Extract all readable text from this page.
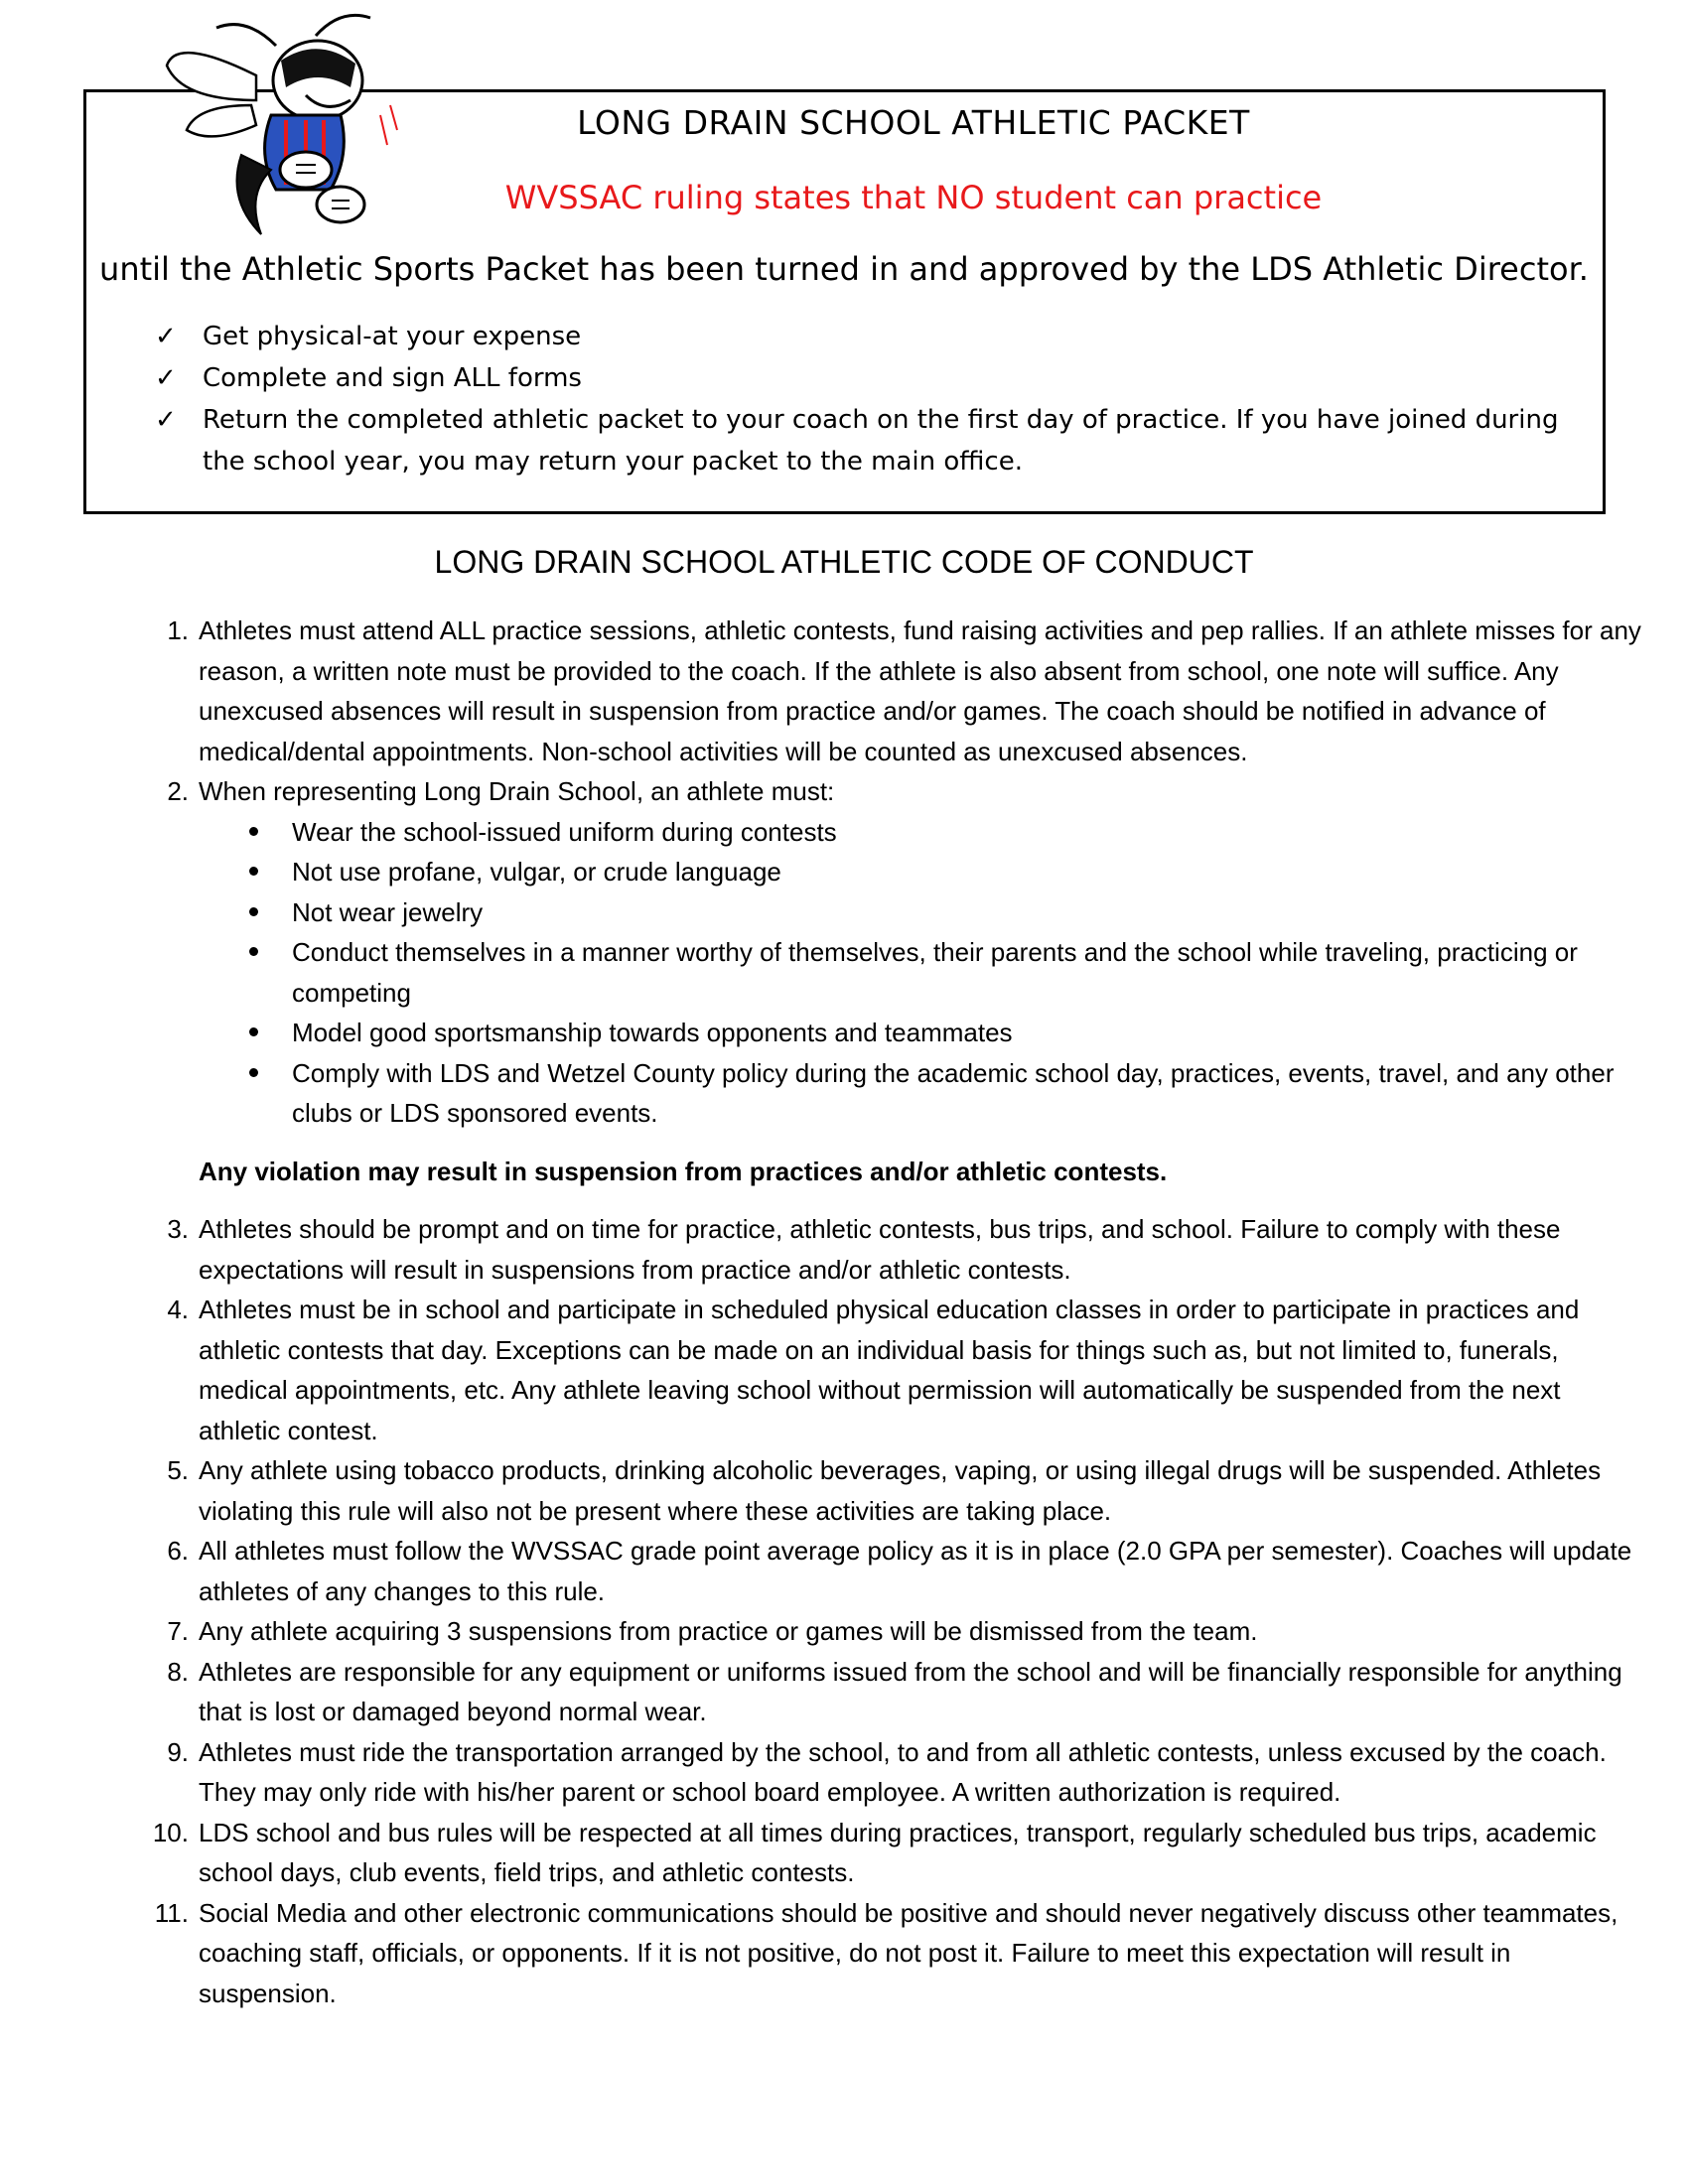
LONG DRAIN SCHOOL ATHLETIC PACKET
WVSSAC ruling states that NO student can practice
until the Athletic Sports Packet has been turned in and approved by the LDS Athletic Director.
✓ Get physical-at your expense
✓ Complete and sign ALL forms
✓ Return the completed athletic packet to your coach on the first day of practice. If you have joined during the school year, you may return your packet to the main office.
LONG DRAIN SCHOOL ATHLETIC CODE OF CONDUCT
1. Athletes must attend ALL practice sessions, athletic contests, fund raising activities and pep rallies. If an athlete misses for any reason, a written note must be provided to the coach. If the athlete is also absent from school, one note will suffice. Any unexcused absences will result in suspension from practice and/or games. The coach should be notified in advance of medical/dental appointments. Non-school activities will be counted as unexcused absences.
2. When representing Long Drain School, an athlete must:
Wear the school-issued uniform during contests
Not use profane, vulgar, or crude language
Not wear jewelry
Conduct themselves in a manner worthy of themselves, their parents and the school while traveling, practicing or competing
Model good sportsmanship towards opponents and teammates
Comply with LDS and Wetzel County policy during the academic school day, practices, events, travel, and any other clubs or LDS sponsored events.
Any violation may result in suspension from practices and/or athletic contests.
3. Athletes should be prompt and on time for practice, athletic contests, bus trips, and school. Failure to comply with these expectations will result in suspensions from practice and/or athletic contests.
4. Athletes must be in school and participate in scheduled physical education classes in order to participate in practices and athletic contests that day. Exceptions can be made on an individual basis for things such as, but not limited to, funerals, medical appointments, etc. Any athlete leaving school without permission will automatically be suspended from the next athletic contest.
5. Any athlete using tobacco products, drinking alcoholic beverages, vaping, or using illegal drugs will be suspended. Athletes violating this rule will also not be present where these activities are taking place.
6. All athletes must follow the WVSSAC grade point average policy as it is in place (2.0 GPA per semester). Coaches will update athletes of any changes to this rule.
7. Any athlete acquiring 3 suspensions from practice or games will be dismissed from the team.
8. Athletes are responsible for any equipment or uniforms issued from the school and will be financially responsible for anything that is lost or damaged beyond normal wear.
9. Athletes must ride the transportation arranged by the school, to and from all athletic contests, unless excused by the coach. They may only ride with his/her parent or school board employee. A written authorization is required.
10. LDS school and bus rules will be respected at all times during practices, transport, regularly scheduled bus trips, academic school days, club events, field trips, and athletic contests.
11. Social Media and other electronic communications should be positive and should never negatively discuss other teammates, coaching staff, officials, or opponents. If it is not positive, do not post it. Failure to meet this expectation will result in suspension.
